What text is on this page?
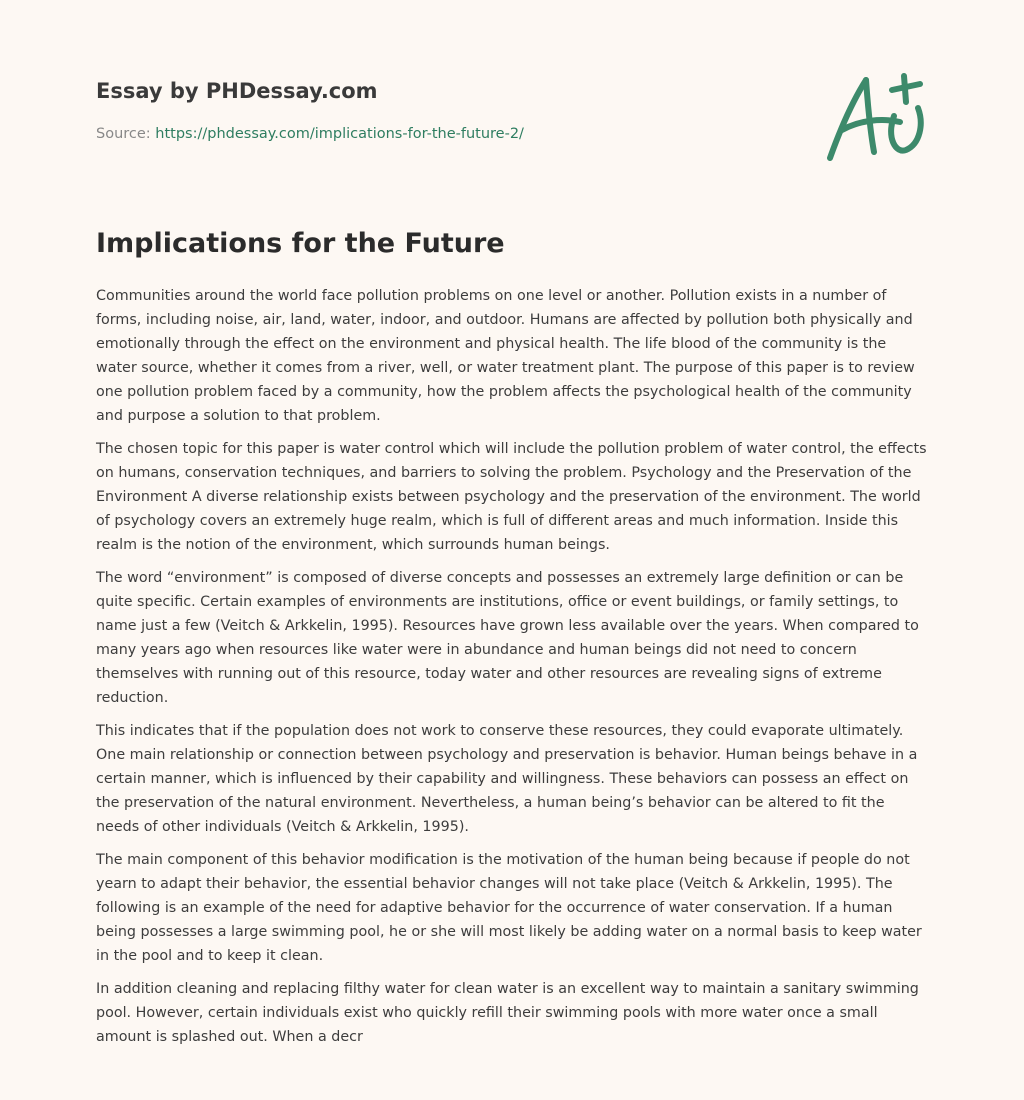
Essay by PHDessay.com
Source: https://phdessay.com/implications-for-the-future-2/
Implications for the Future

Communities around the world face pollution problems on one level or another. Pollution exists in a number of forms, including noise, air, land, water, indoor, and outdoor. Humans are affected by pollution both physically and emotionally through the effect on the environment and physical health. The life blood of the community is the water source, whether it comes from a river, well, or water treatment plant. The purpose of this paper is to review one pollution problem faced by a community, how the problem affects the psychological health of the community and purpose a solution to that problem.

The chosen topic for this paper is water control which will include the pollution problem of water control, the effects on humans, conservation techniques, and barriers to solving the problem. Psychology and the Preservation of the Environment A diverse relationship exists between psychology and the preservation of the environment. The world of psychology covers an extremely huge realm, which is full of different areas and much information. Inside this realm is the notion of the environment, which surrounds human beings.

The word “environment” is composed of diverse concepts and possesses an extremely large definition or can be quite specific. Certain examples of environments are institutions, office or event buildings, or family settings, to name just a few (Veitch & Arkkelin, 1995). Resources have grown less available over the years. When compared to many years ago when resources like water were in abundance and human beings did not need to concern themselves with running out of this resource, today water and other resources are revealing signs of extreme reduction.

This indicates that if the population does not work to conserve these resources, they could evaporate ultimately. One main relationship or connection between psychology and preservation is behavior. Human beings behave in a certain manner, which is influenced by their capability and willingness. These behaviors can possess an effect on the preservation of the natural environment. Nevertheless, a human being’s behavior can be altered to fit the needs of other individuals (Veitch & Arkkelin, 1995).

The main component of this behavior modification is the motivation of the human being because if people do not yearn to adapt their behavior, the essential behavior changes will not take place (Veitch & Arkkelin, 1995). The following is an example of the need for adaptive behavior for the occurrence of water conservation. If a human being possesses a large swimming pool, he or she will most likely be adding water on a normal basis to keep water in the pool and to keep it clean.

In addition cleaning and replacing filthy water for clean water is an excellent way to maintain a sanitary swimming pool. However, certain individuals exist who quickly refill their swimming pools with more water once a small amount is splashed out. When a decr
